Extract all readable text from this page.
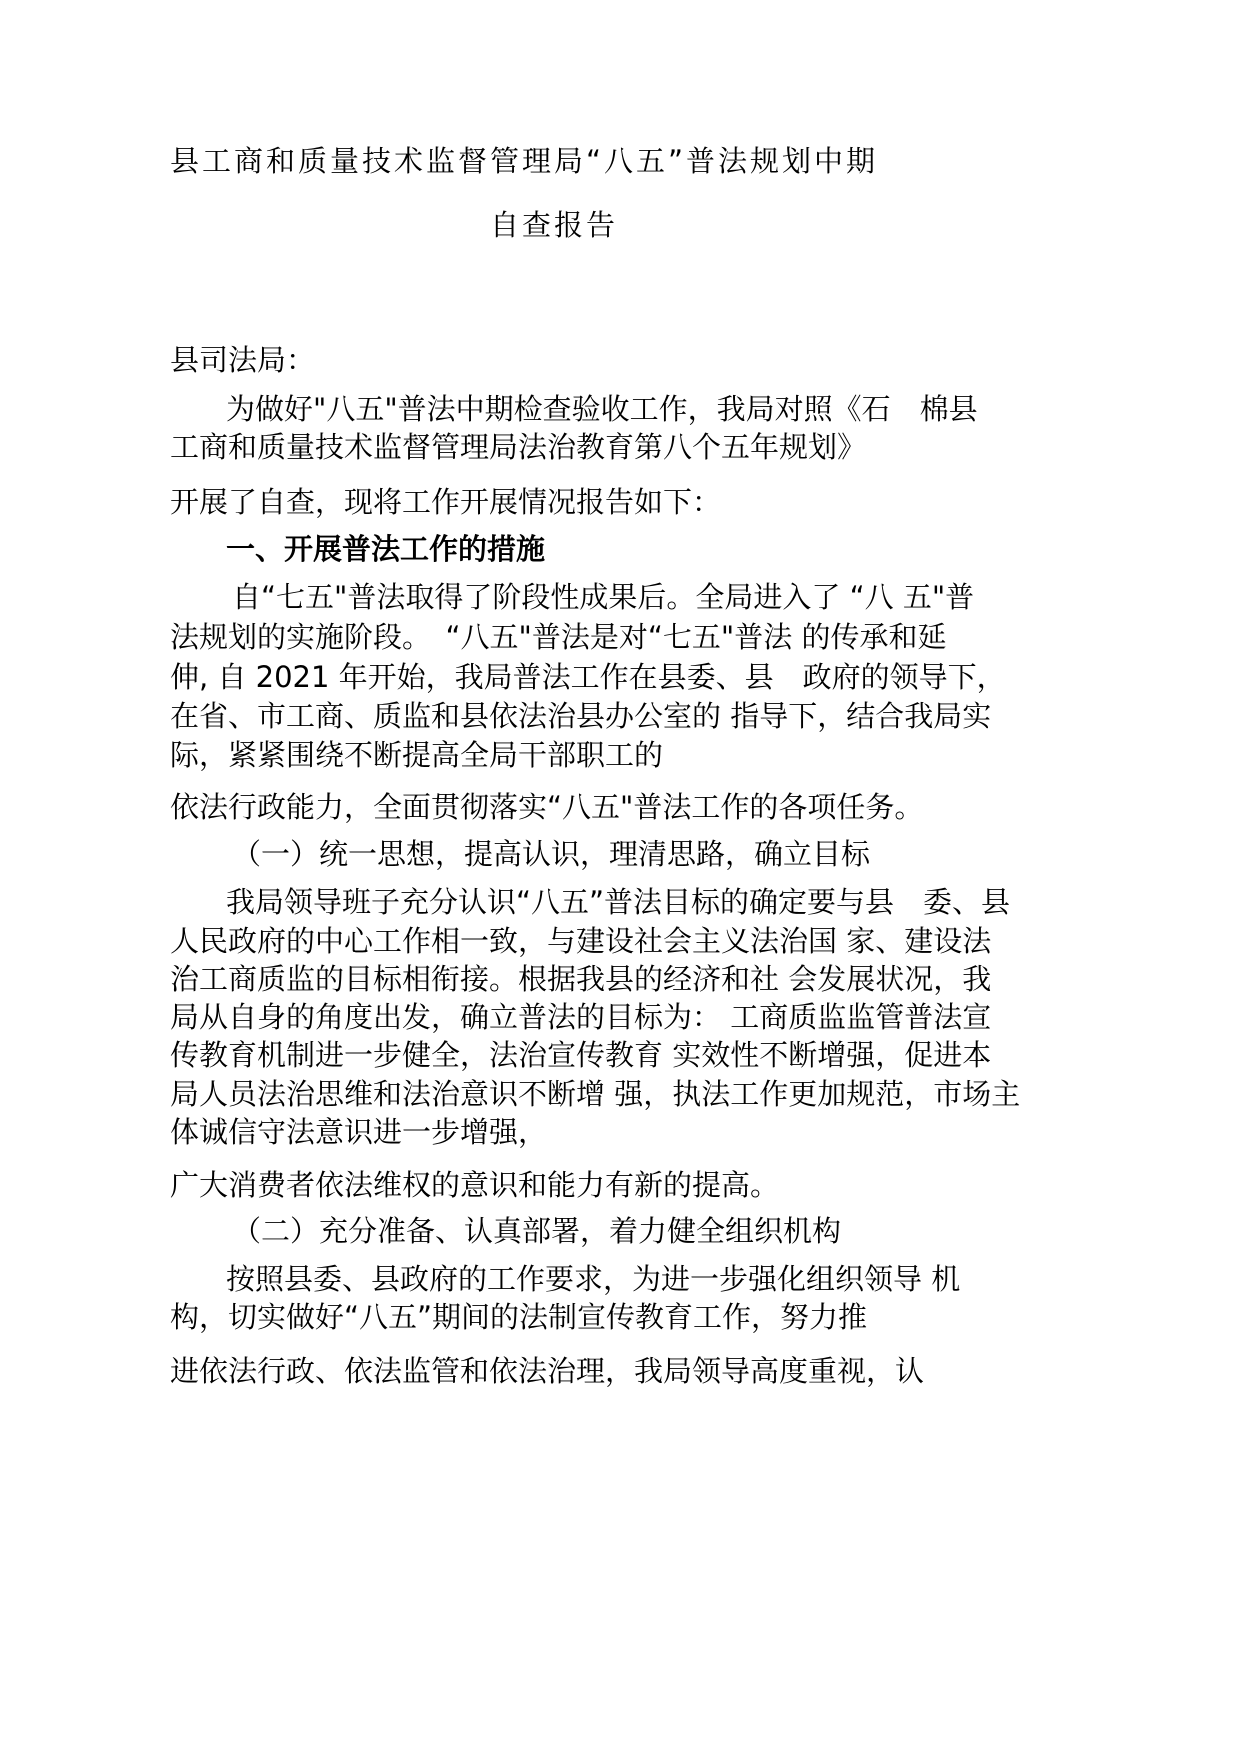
县工商和质量技术监督管理局“八五”普法规划中期
自查报告
县司法局：
为做好"八五"普法中期检查验收工作，我局对照《石　棉县
工商和质量技术监督管理局法治教育第八个五年规划》
开展了自查，现将工作开展情况报告如下：
一、开展普法工作的措施
自“七五"普法取得了阶段性成果后。全局进入了 “八 五"普
法规划的实施阶段。　“八五"普法是对“七五"普法 的传承和延
伸, 自 2021 年开始，我局普法工作在县委、县　政府的领导下，
在省、市工商、质监和县依法治县办公室的 指导下，结合我局实
际，紧紧围绕不断提高全局干部职工的
依法行政能力，全面贯彻落实“八五"普法工作的各项任务。
（一）统一思想，提高认识，理清思路，确立目标
我局领导班子充分认识“八五”普法目标的确定要与县　委、县
人民政府的中心工作相一致，与建设社会主义法治国 家、建设法
治工商质监的目标相衔接。根据我县的经济和社 会发展状况，我
局从自身的角度出发，确立普法的目标为： 工商质监监管普法宣
传教育机制进一步健全，法治宣传教育 实效性不断增强，促进本
局人员法治思维和法治意识不断增 强，执法工作更加规范，市场主
体诚信守法意识进一步增强，
广大消费者依法维权的意识和能力有新的提高。
（二）充分准备、认真部署，着力健全组织机构
按照县委、县政府的工作要求，为进一步强化组织领导 机
构，切实做好“八五”期间的法制宣传教育工作，努力推
进依法行政、依法监管和依法治理，我局领导高度重视，认
